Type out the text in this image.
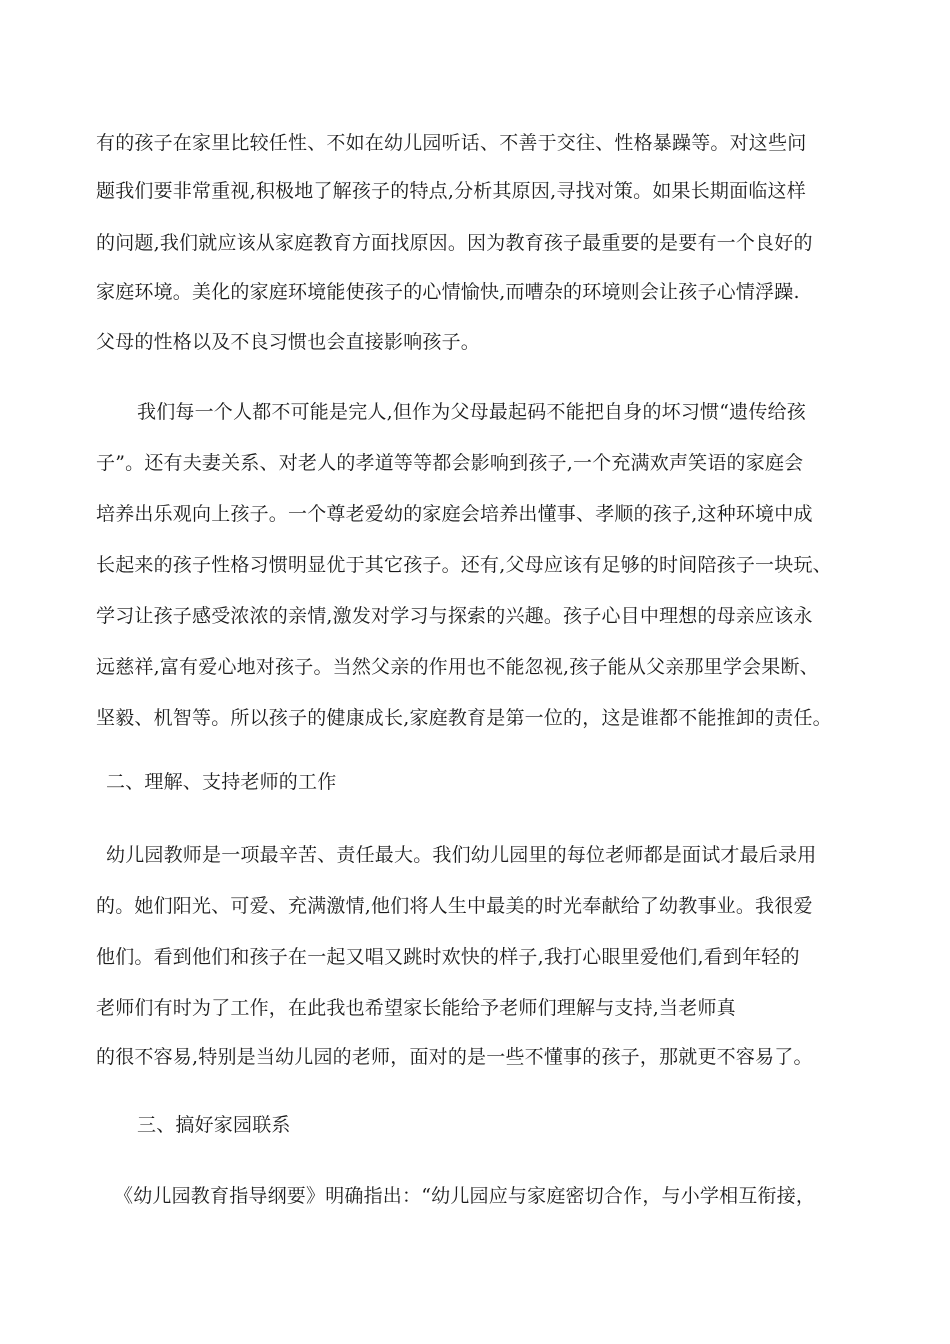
有的孩子在家里比较任性、不如在幼儿园听话、不善于交往、性格暴躁等。对这些问
题我们要非常重视,积极地了解孩子的特点,分析其原因,寻找对策。如果长期面临这样
的问题,我们就应该从家庭教育方面找原因。因为教育孩子最重要的是要有一个良好的
家庭环境。美化的家庭环境能使孩子的心情愉快,而嘈杂的环境则会让孩子心情浮躁.
父母的性格以及不良习惯也会直接影响孩子。
我们每一个人都不可能是完人,但作为父母最起码不能把自身的坏习惯“遗传给孩
子”。还有夫妻关系、对老人的孝道等等都会影响到孩子,一个充满欢声笑语的家庭会
培养出乐观向上孩子。一个尊老爱幼的家庭会培养出懂事、孝顺的孩子,这种环境中成
长起来的孩子性格习惯明显优于其它孩子。还有,父母应该有足够的时间陪孩子一块玩、
学习让孩子感受浓浓的亲情,激发对学习与探索的兴趣。孩子心目中理想的母亲应该永
远慈祥,富有爱心地对孩子。当然父亲的作用也不能忽视,孩子能从父亲那里学会果断、
坚毅、机智等。所以孩子的健康成长,家庭教育是第一位的，这是谁都不能推卸的责任。
二、理解、支持老师的工作
幼儿园教师是一项最辛苦、责任最大。我们幼儿园里的每位老师都是面试才最后录用
的。她们阳光、可爱、充满激情,他们将人生中最美的时光奉献给了幼教事业。我很爱
他们。看到他们和孩子在一起又唱又跳时欢快的样子,我打心眼里爱他们,看到年轻的
老师们有时为了工作，在此我也希望家长能给予老师们理解与支持,当老师真
的很不容易,特别是当幼儿园的老师，面对的是一些不懂事的孩子，那就更不容易了。
三、搞好家园联系
《幼儿园教育指导纲要》明确指出：“幼儿园应与家庭密切合作，与小学相互衔接，
